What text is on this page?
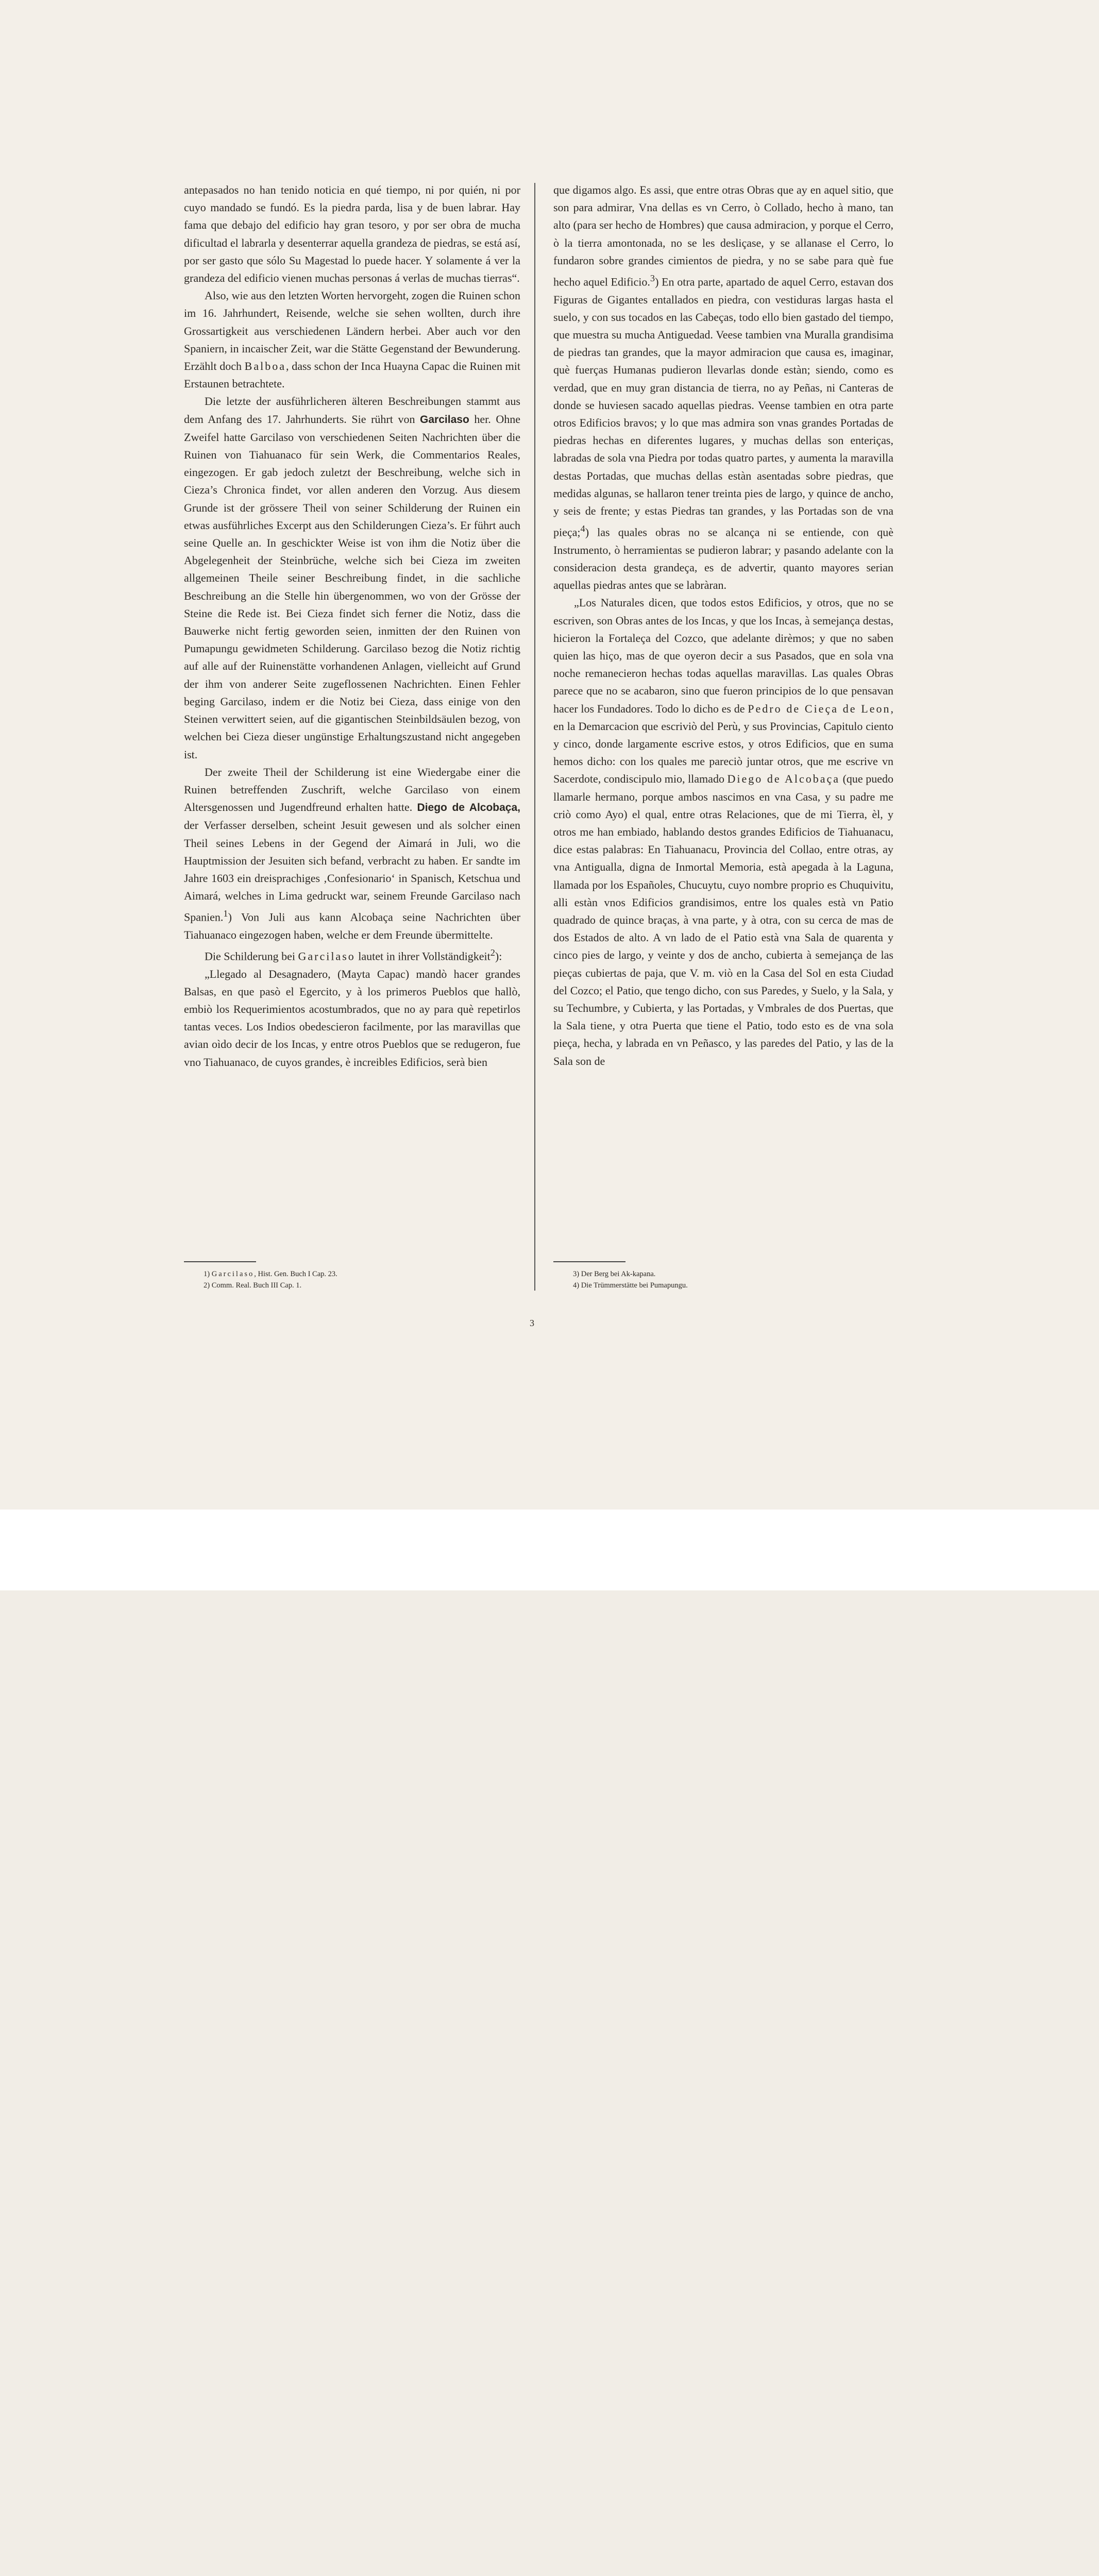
antepasados no han tenido noticia en qué tiempo, ni por quién, ni por cuyo mandado se fundó. Es la piedra parda, lisa y de buen labrar. Hay fama que debajo del edificio hay gran tesoro, y por ser obra de mucha dificultad el labrarla y desenterrar aquella grandeza de piedras, se está así, por ser gasto que sólo Su Magestad lo puede hacer. Y solamente á ver la grandeza del edificio vienen muchas personas á verlas de muchas tierras“.

Also, wie aus den letzten Worten hervorgeht, zogen die Ruinen schon im 16. Jahrhundert, Reisende, welche sie sehen wollten, durch ihre Grossartigkeit aus verschiedenen Ländern herbei. Aber auch vor den Spaniern, in incaischer Zeit, war die Stätte Gegenstand der Bewunderung. Erzählt doch Balboa, dass schon der Inca Huayna Capac die Ruinen mit Erstaunen betrachtete.

Die letzte der ausführlicheren älteren Beschreibungen stammt aus dem Anfang des 17. Jahrhunderts. Sie rührt von Garcilaso her. Ohne Zweifel hatte Garcilaso von verschiedenen Seiten Nachrichten über die Ruinen von Tiahuanaco für sein Werk, die Commentarios Reales, eingezogen. Er gab jedoch zuletzt der Beschreibung, welche sich in Cieza’s Chronica findet, vor allen anderen den Vorzug. Aus diesem Grunde ist der grössere Theil von seiner Schilderung der Ruinen ein etwas ausführliches Excerpt aus den Schilderungen Cieza’s. Er führt auch seine Quelle an. In geschickter Weise ist von ihm die Notiz über die Abgelegenheit der Steinbrüche, welche sich bei Cieza im zweiten allgemeinen Theile seiner Beschreibung findet, in die sachliche Beschreibung an die Stelle hin übergenommen, wo von der Grösse der Steine die Rede ist. Bei Cieza findet sich ferner die Notiz, dass die Bauwerke nicht fertig geworden seien, inmitten der den Ruinen von Pumapungu gewidmeten Schilderung. Garcilaso bezog die Notiz richtig auf alle auf der Ruinenstätte vorhandenen Anlagen, vielleicht auf Grund der ihm von anderer Seite zugeflossenen Nachrichten. Einen Fehler beging Garcilaso, indem er die Notiz bei Cieza, dass einige von den Steinen verwittert seien, auf die gigantischen Steinbildsäulen bezog, von welchen bei Cieza dieser ungünstige Erhaltungszustand nicht angegeben ist.

Der zweite Theil der Schilderung ist eine Wiedergabe einer die Ruinen betreffenden Zuschrift, welche Garcilaso von einem Altersgenossen und Jugendfreund erhalten hatte. Diego de Alcobaça, der Verfasser derselben, scheint Jesuit gewesen und als solcher einen Theil seines Lebens in der Gegend der Aimará in Juli, wo die Hauptmission der Jesuiten sich befand, verbracht zu haben. Er sandte im Jahre 1603 ein dreisprachiges ‚Confesionario‘ in Spanisch, Ketschua und Aimará, welches in Lima gedruckt war, seinem Freunde Garcilaso nach Spanien.$^1$) Von Juli aus kann Alcobaça seine Nachrichten über Tiahuanaco eingezogen haben, welche er dem Freunde übermittelte.

Die Schilderung bei Garcilaso lautet in ihrer Vollständigkeit$^2$):

„Llegado al Desagnadero, (Mayta Capac) mandò hacer grandes Balsas, en que pasò el Egercito, y à los primeros Pueblos que hallò, embiò los Requerimientos acostumbrados, que no ay para què repetirlos tantas veces. Los Indios obedescieron facilmente, por las maravillas que avian oìdo decir de los Incas, y entre otros Pueblos que se redugeron, fue vno Tiahuanaco, de cuyos grandes, è increibles Edificios, serà bien

que digamos algo. Es assi, que entre otras Obras que ay en aquel sitio, que son para admirar, Vna dellas es vn Cerro, ò Collado, hecho à mano, tan alto (para ser hecho de Hombres) que causa admiracion, y porque el Cerro, ò la tierra amontonada, no se les desliçase, y se allanase el Cerro, lo fundaron sobre grandes cimientos de piedra, y no se sabe para què fue hecho aquel Edificio.$^3$) En otra parte, apartado de aquel Cerro, estavan dos Figuras de Gigantes entallados en piedra, con vestiduras largas hasta el suelo, y con sus tocados en las Cabeças, todo ello bien gastado del tiempo, que muestra su mucha Antiguedad. Veese tambien vna Muralla grandisima de piedras tan grandes, que la mayor admiracion que causa es, imaginar, què fuerças Humanas pudieron llevarlas donde estàn; siendo, como es verdad, que en muy gran distancia de tierra, no ay Peñas, ni Canteras de donde se huviesen sacado aquellas piedras. Veense tambien en otra parte otros Edificios bravos; y lo que mas admira son vnas grandes Portadas de piedras hechas en diferentes lugares, y muchas dellas son enteriças, labradas de sola vna Piedra por todas quatro partes, y aumenta la maravilla destas Portadas, que muchas dellas estàn asentadas sobre piedras, que medidas algunas, se hallaron tener treinta pies de largo, y quince de ancho, y seis de frente; y estas Piedras tan grandes, y las Portadas son de vna pieça;$^4$) las quales obras no se alcança ni se entiende, con què Instrumento, ò herramientas se pudieron labrar; y pasando adelante con la consideracion desta grandeça, es de advertir, quanto mayores serian aquellas piedras antes que se labràran.

„Los Naturales dicen, que todos estos Edificios, y otros, que no se escriven, son Obras antes de los Incas, y que los Incas, à semejança destas, hicieron la Fortaleça del Cozco, que adelante dirèmos; y que no saben quien las hiço, mas de que oyeron decir a sus Pasados, que en sola vna noche remanecieron hechas todas aquellas maravillas. Las quales Obras parece que no se acabaron, sino que fueron principios de lo que pensavan hacer los Fundadores. Todo lo dicho es de Pedro de Cieça de Leon, en la Demarcacion que escriviò del Perù, y sus Provincias, Capitulo ciento y cinco, donde largamente escrive estos, y otros Edificios, que en suma hemos dicho: con los quales me pareciò juntar otros, que me escrive vn Sacerdote, condiscipulo mio, llamado Diego de Alcobaça (que puedo llamarle hermano, porque ambos nascimos en vna Casa, y su padre me criò como Ayo) el qual, entre otras Relaciones, que de mi Tierra, èl, y otros me han embiado, hablando destos grandes Edificios de Tiahuanacu, dice estas palabras: En Tiahuanacu, Provincia del Collao, entre otras, ay vna Antigualla, digna de Inmortal Memoria, està apegada à la Laguna, llamada por los Españoles, Chucuytu, cuyo nombre proprio es Chuquivitu, alli estàn vnos Edificios grandisimos, entre los quales està vn Patio quadrado de quince braças, à vna parte, y à otra, con su cerca de mas de dos Estados de alto. A vn lado de el Patio està vna Sala de quarenta y cinco pies de largo, y veinte y dos de ancho, cubierta à semejança de las pieças cubiertas de paja, que V. m. viò en la Casa del Sol en esta Ciudad del Cozco; el Patio, que tengo dicho, con sus Paredes, y Suelo, y la Sala, y su Techumbre, y Cubierta, y las Portadas, y Vmbrales de dos Puertas, que la Sala tiene, y otra Puerta que tiene el Patio, todo esto es de vna sola pieça, hecha, y labrada en vn Peñasco, y las paredes del Patio, y las de la Sala son de

1) Garcilaso, Hist. Gen. Buch I Cap. 23.

2) Comm. Real. Buch III Cap. 1.

3) Der Berg bei Ak-kapana.

4) Die Trümmerstätte bei Pumapungu.

3
